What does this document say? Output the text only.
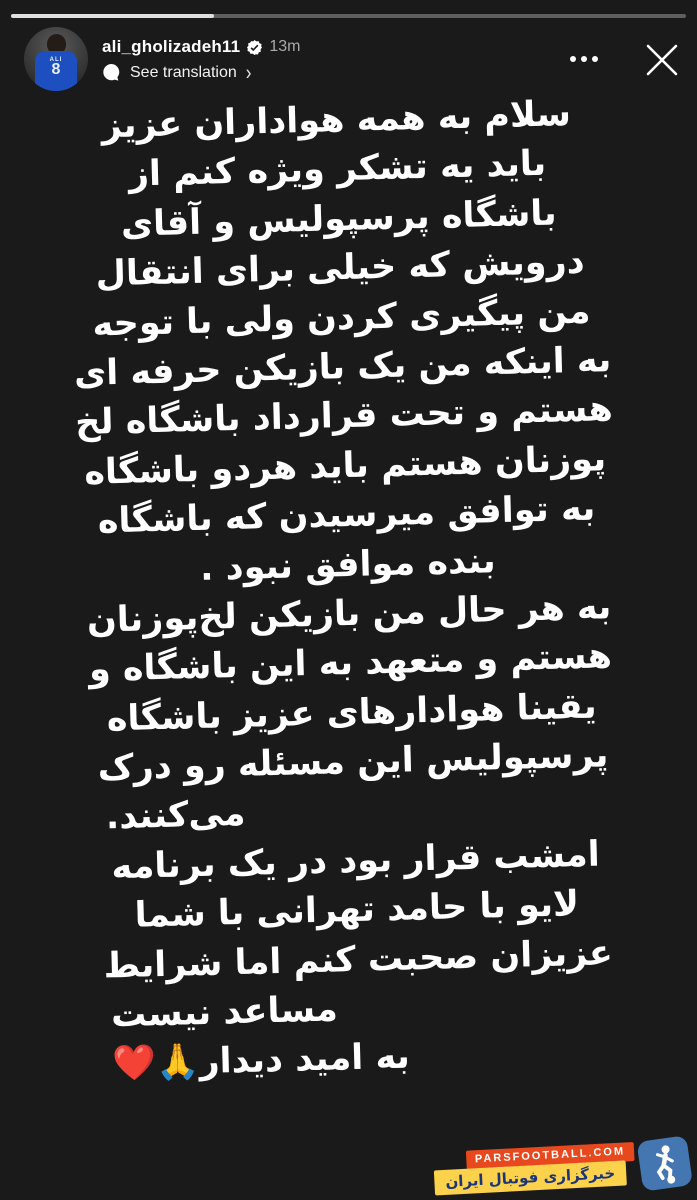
ALI
8
ali_gholizadeh11 13m
See translation ›
سلام به همه هواداران عزیز
باید یه تشکر ویژه کنم از
باشگاه پرسپولیس و آقای
درویش که خیلی برای انتقال
من پیگیری کردن ولی با توجه
به اینکه من یک بازیکن حرفه ای
هستم و تحت قرارداد باشگاه لخ
پوزنان هستم باید هردو باشگاه
به توافق میرسیدن که باشگاه
بنده موافق نبود .
به هر حال من بازیکن لخ‌پوزنان
هستم و متعهد به این باشگاه و
یقینا هوادارهای عزیز باشگاه
پرسپولیس این مسئله رو درک
می‌کنند.
امشب قرار بود در یک برنامه
لایو با حامد تهرانی با شما
عزیزان صحبت کنم اما شرایط
مساعد نیست
به امید دیدار🙏❤️
PARSFOOTBALL.COM
خبرگزاری فوتبال ایران
